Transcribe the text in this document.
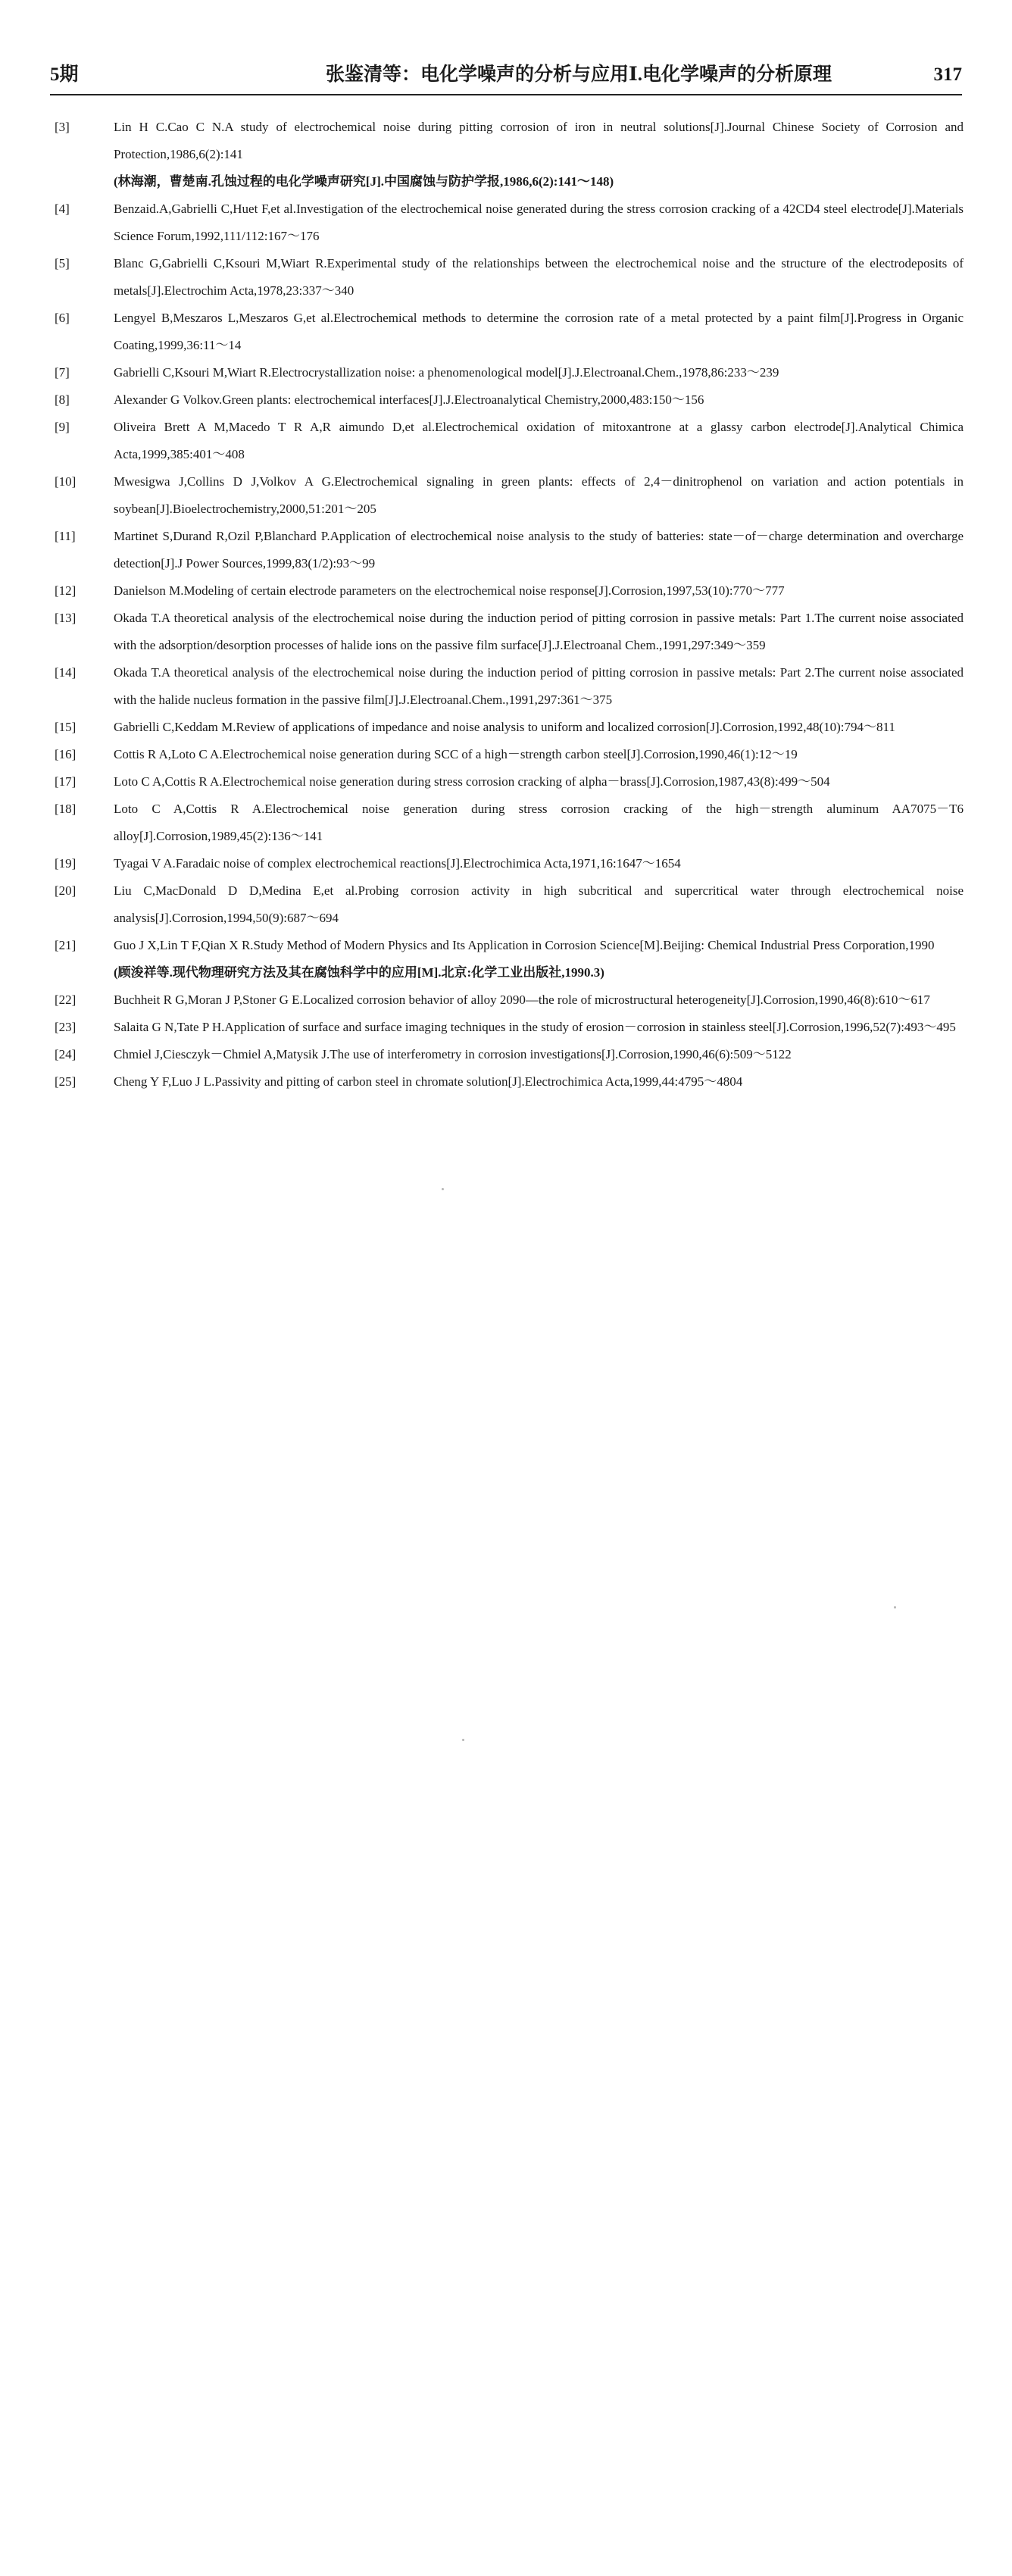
5期	张鉴清等：电化学噪声的分析与应用Ⅰ.电化学噪声的分析原理	317
[3]	Lin H C.Cao C N.A study of electrochemical noise during pitting corrosion of iron in neutral solutions[J].Journal Chinese Society of Corrosion and Protection,1986,6(2):141
(林海潮，曹楚南.孔蚀过程的电化学噪声研究[J].中国腐蚀与防护学报,1986,6(2):141～148)
[4]	Benzaid.A,Gabrielli C,Huet F,et al.Investigation of the electrochemical noise generated during the stress corrosion cracking of a 42CD4 steel electrode[J].Materials Science Forum,1992,111/112:167～176
[5]	Blanc G,Gabrielli C,Ksouri M,Wiart R.Experimental study of the relationships between the electrochemical noise and the structure of the electrodeposits of metals[J].Electrochim Acta,1978,23:337～340
[6]	Lengyel B,Meszaros L,Meszaros G,et al.Electrochemical methods to determine the corrosion rate of a metal protected by a paint film[J].Progress in Organic Coating,1999,36:11～14
[7]	Gabrielli C,Ksouri M,Wiart R.Electrocrystallization noise: a phenomenological model[J].J.Electroanal.Chem.,1978,86:233～239
[8]	Alexander G Volkov.Green plants: electrochemical interfaces[J].J.Electroanalytical Chemistry,2000,483:150～156
[9]	Oliveira Brett A M,Macedo T R A,R aimundo D,et al.Electrochemical oxidation of mitoxantrone at a glassy carbon electrode[J].Analytical Chimica Acta,1999,385:401～408
[10]	Mwesigwa J,Collins D J,Volkov A G.Electrochemical signaling in green plants: effects of 2,4－dinitrophenol on variation and action potentials in soybean[J].Bioelectrochemistry,2000,51:201～205
[11]	Martinet S,Durand R,Ozil P,Blanchard P.Application of electrochemical noise analysis to the study of batteries: state－of－charge determination and overcharge detection[J].J Power Sources,1999,83(1/2):93～99
[12]	Danielson M.Modeling of certain electrode parameters on the electrochemical noise response[J].Corrosion,1997,53(10):770～777
[13]	Okada T.A theoretical analysis of the electrochemical noise during the induction period of pitting corrosion in passive metals: Part 1.The current noise associated with the adsorption/desorption processes of halide ions on the passive film surface[J].J.Electroanal Chem.,1991,297:349～359
[14]	Okada T.A theoretical analysis of the electrochemical noise during the induction period of pitting corrosion in passive metals: Part 2.The current noise associated with the halide nucleus formation in the passive film[J].J.Electroanal.Chem.,1991,297:361～375
[15]	Gabrielli C,Keddam M.Review of applications of impedance and noise analysis to uniform and localized corrosion[J].Corrosion,1992,48(10):794～811
[16]	Cottis R A,Loto C A.Electrochemical noise generation during SCC of a high－strength carbon steel[J].Corrosion,1990,46(1):12～19
[17]	Loto C A,Cottis R A.Electrochemical noise generation during stress corrosion cracking of alpha－brass[J].Corrosion,1987,43(8):499～504
[18]	Loto C A,Cottis R A.Electrochemical noise generation during stress corrosion cracking of the high－strength aluminum AA7075－T6 alloy[J].Corrosion,1989,45(2):136～141
[19]	Tyagai V A.Faradaic noise of complex electrochemical reactions[J].Electrochimica Acta,1971,16:1647～1654
[20]	Liu C,MacDonald D D,Medina E,et al.Probing corrosion activity in high subcritical and supercritical water through electrochemical noise analysis[J].Corrosion,1994,50(9):687～694
[21]	Guo J X,Lin T F,Qian X R.Study Method of Modern Physics and Its Application in Corrosion Science[M].Beijing: Chemical Industrial Press Corporation,1990
(顾浚祥等.现代物理研究方法及其在腐蚀科学中的应用[M].北京:化学工业出版社,1990.3)
[22]	Buchheit R G,Moran J P,Stoner G E.Localized corrosion behavior of alloy 2090—the role of microstructural heterogeneity[J].Corrosion,1990,46(8):610～617
[23]	Salaita G N,Tate P H.Application of surface and surface imaging techniques in the study of erosion－corrosion in stainless steel[J].Corrosion,1996,52(7):493～495
[24]	Chmiel J,Ciesczyk－Chmiel A,Matysik J.The use of interferometry in corrosion investigations[J].Corrosion,1990,46(6):509～5122
[25]	Cheng Y F,Luo J L.Passivity and pitting of carbon steel in chromate solution[J].Electrochimica Acta,1999,44:4795～4804
